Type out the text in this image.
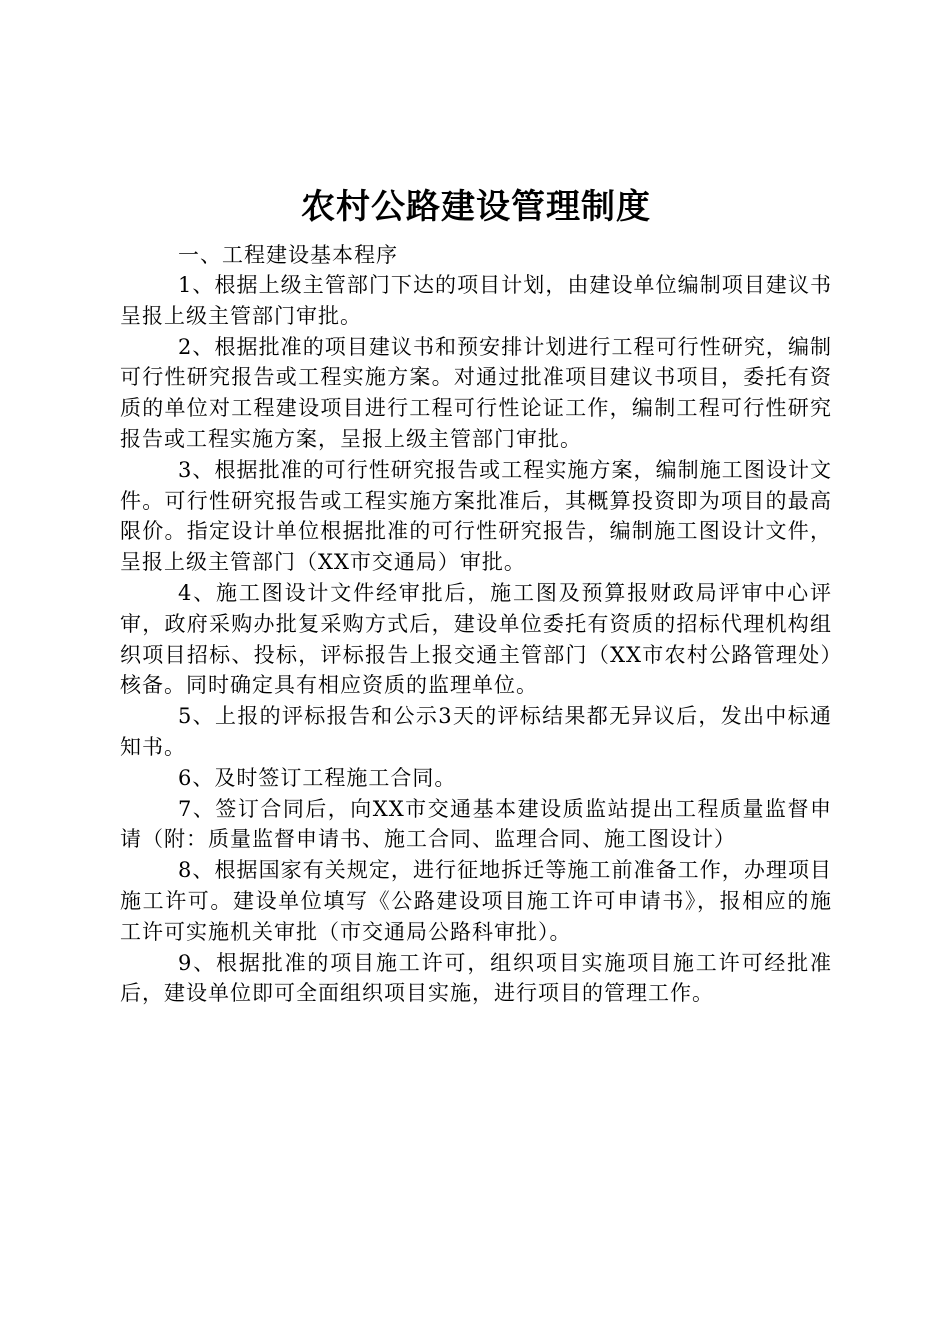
农村公路建设管理制度

一、工程建设基本程序

1、根据上级主管部门下达的项目计划，由建设单位编制项目建议书呈报上级主管部门审批。

2、根据批准的项目建议书和预安排计划进行工程可行性研究，编制可行性研究报告或工程实施方案。对通过批准项目建议书项目，委托有资质的单位对工程建设项目进行工程可行性论证工作，编制工程可行性研究报告或工程实施方案，呈报上级主管部门审批。

3、根据批准的可行性研究报告或工程实施方案，编制施工图设计文件。可行性研究报告或工程实施方案批准后，其概算投资即为项目的最高限价。指定设计单位根据批准的可行性研究报告，编制施工图设计文件，呈报上级主管部门（XX市交通局）审批。

4、施工图设计文件经审批后，施工图及预算报财政局评审中心评审，政府采购办批复采购方式后，建设单位委托有资质的招标代理机构组织项目招标、投标，评标报告上报交通主管部门（XX市农村公路管理处）核备。同时确定具有相应资质的监理单位。

5、上报的评标报告和公示3天的评标结果都无异议后，发出中标通知书。

6、及时签订工程施工合同。

7、签订合同后，向XX市交通基本建设质监站提出工程质量监督申请（附：质量监督申请书、施工合同、监理合同、施工图设计）

8、根据国家有关规定，进行征地拆迁等施工前准备工作，办理项目施工许可。建设单位填写《公路建设项目施工许可申请书》，报相应的施工许可实施机关审批（市交通局公路科审批）。

9、根据批准的项目施工许可，组织项目实施项目施工许可经批准后，建设单位即可全面组织项目实施，进行项目的管理工作。
